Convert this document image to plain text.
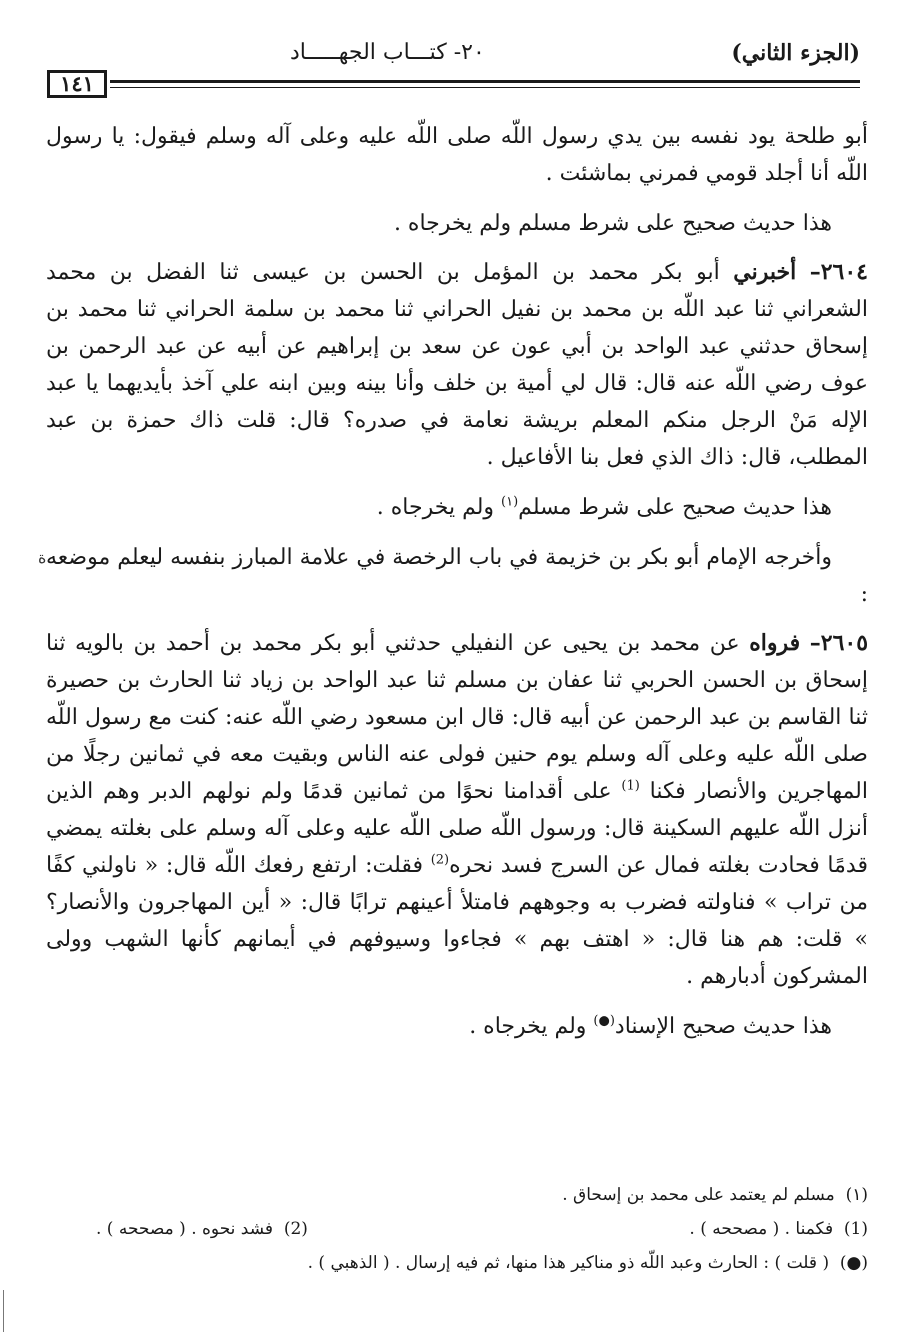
(الجزء الثاني)
٢٠- كتـــاب الجهـــــاد
١٤١

أبو طلحة يود نفسه بين يدي رسول اللّه صلى اللّه عليه وعلى آله وسلم فيقول: يا رسول اللّه أنا أجلد قومي فمرني بماشئت .

هذا حديث صحيح على شرط مسلم ولم يخرجاه .

٢٦٠٤– أخبرني أبو بكر محمد بن المؤمل بن الحسن بن عيسى ثنا الفضل بن محمد الشعراني ثنا عبد اللّه بن محمد بن نفيل الحراني ثنا محمد بن سلمة الحراني ثنا محمد بن إسحاق حدثني عبد الواحد بن أبي عون عن سعد بن إبراهيم عن أبيه عن عبد الرحمن بن عوف رضي اللّه عنه قال: قال لي أمية بن خلف وأنا بينه وبين ابنه علي آخذ بأيديهما يا عبد الإله مَنْ الرجل منكم المعلم بريشة نعامة في صدره؟ قال: قلت ذاك حمزة بن عبد المطلب، قال: ذاك الذي فعل بنا الأفاعيل .

هذا حديث صحيح على شرط مسلم$^{(١)}$ ولم يخرجاه .

وأخرجه الإمام أبو بكر بن خزيمة في باب الرخصة في علامة المبارز بنفسه ليعلم موضعه :

٢٦٠٥– فرواه عن محمد بن يحيى عن النفيلي حدثني أبو بكر محمد بن أحمد بن بالويه ثنا إسحاق بن الحسن الحربي ثنا عفان بن مسلم ثنا عبد الواحد بن زياد ثنا الحارث بن حصيرة ثنا القاسم بن عبد الرحمن عن أبيه قال: قال ابن مسعود رضي اللّه عنه: كنت مع رسول اللّه صلى اللّه عليه وعلى آله وسلم يوم حنين فولى عنه الناس وبقيت معه في ثمانين رجلًا من المهاجرين والأنصار فكنا $^{(1)}$ على أقدامنا نحوًا من ثمانين قدمًا ولم نولهم الدبر وهم الذين أنزل اللّه عليهم السكينة قال: ورسول اللّه صلى اللّه عليه وعلى آله وسلم على بغلته يمضي قدمًا فحادت بغلته فمال عن السرج فسد نحره$^{(2)}$ فقلت: ارتفع رفعك اللّه قال: « ناولني كفًا من تراب » فناولته فضرب به وجوههم فامتلأ أعينهم ترابًا قال: « أين المهاجرون والأنصار؟ » قلت: هم هنا قال: « اهتف بهم » فجاءوا وسيوفهم في أيمانهم كأنها الشهب وولى المشركون أدبارهم .

هذا حديث صحيح الإسناد(●) ولم يخرجاه .

(١)  مسلم لم يعتمد على محمد بن إسحاق .
(1)  فكمنا . ( مصححه ) .
(2)  فشد نحوه . ( مصححه ) .
(●)  ( قلت ) : الحارث وعبد اللّه ذو مناكير هذا منها، ثم فيه إرسال . ( الذهبي ) .
ة
